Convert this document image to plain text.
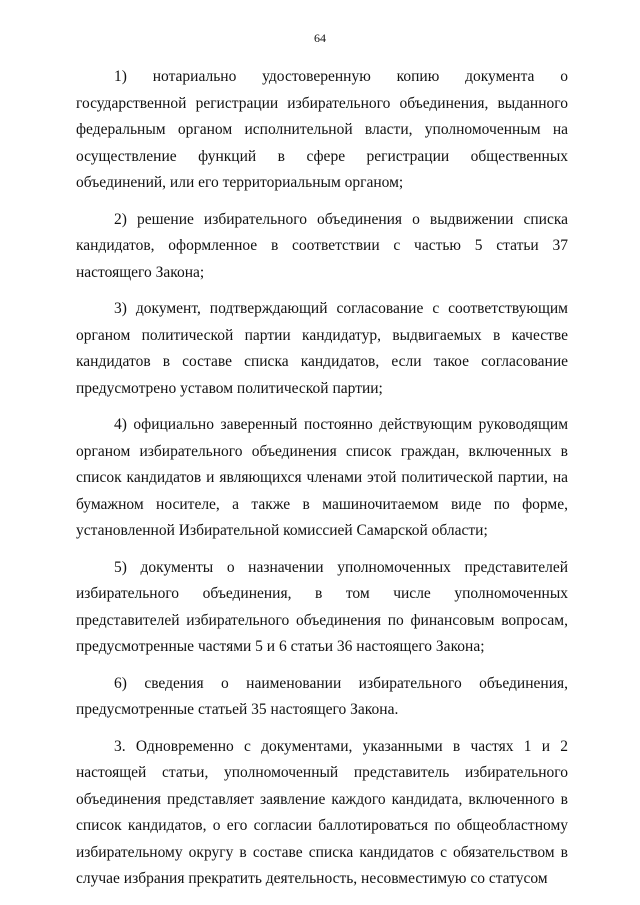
64

1) нотариально удостоверенную копию документа о государственной регистрации избирательного объединения, выданного федеральным органом исполнительной власти, уполномоченным на осуществление функций в сфере регистрации общественных объединений, или его территориальным органом;

2) решение избирательного объединения о выдвижении списка кандидатов, оформленное в соответствии с частью 5 статьи 37 настоящего Закона;

3) документ, подтверждающий согласование с соответствующим органом политической партии кандидатур, выдвигаемых в качестве кандидатов в составе списка кандидатов, если такое согласование предусмотрено уставом политической партии;

4) официально заверенный постоянно действующим руководящим органом избирательного объединения список граждан, включенных в список кандидатов и являющихся членами этой политической партии, на бумажном носителе, а также в машиночитаемом виде по форме, установленной Избирательной комиссией Самарской области;

5) документы о назначении уполномоченных представителей избирательного объединения, в том числе уполномоченных представителей избирательного объединения по финансовым вопросам, предусмотренные частями 5 и 6 статьи 36 настоящего Закона;

6) сведения о наименовании избирательного объединения, предусмотренные статьей 35 настоящего Закона.

3. Одновременно с документами, указанными в частях 1 и 2 настоящей статьи, уполномоченный представитель избирательного объединения представляет заявление каждого кандидата, включенного в список кандидатов, о его согласии баллотироваться по общеобластному избирательному округу в составе списка кандидатов с обязательством в случае избрания прекратить деятельность, несовместимую со статусом
